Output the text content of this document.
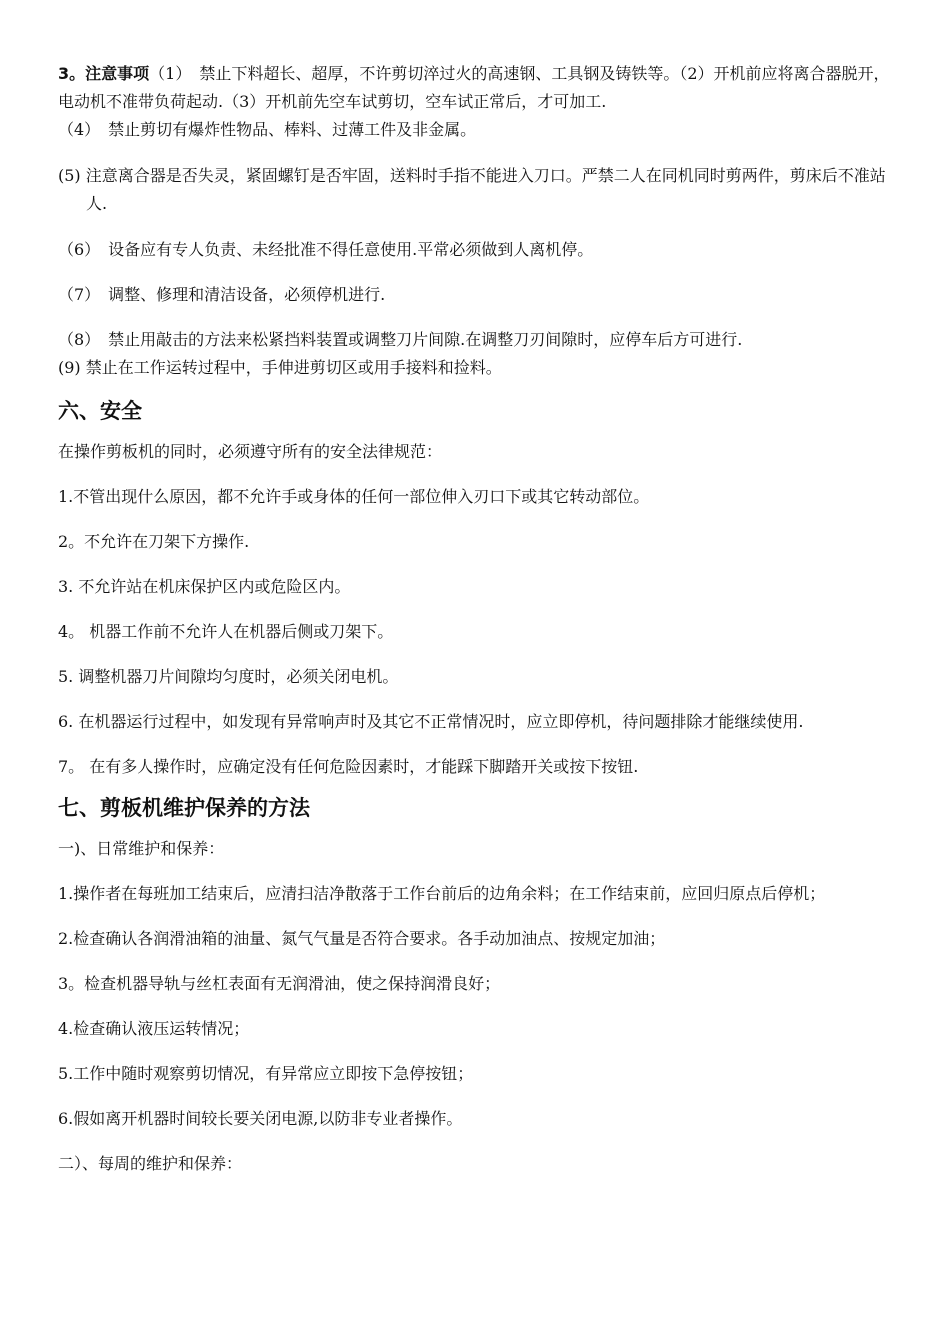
3。注意事项（1）　禁止下料超长、超厚，不许剪切淬过火的高速钢、工具钢及铸铁等。（2）开机前应将离合器脱开，电动机不准带负荷起动.（3）开机前先空车试剪切，空车试正常后，才可加工.

（4）　禁止剪切有爆炸性物品、棒料、过薄工件及非金属。

(5) 注意离合器是否失灵，紧固螺钉是否牢固，送料时手指不能进入刀口。严禁二人在同机同时剪两件，剪床后不准站人.

（6）　设备应有专人负责、未经批准不得任意使用.平常必须做到人离机停。

（7）　调整、修理和清洁设备，必须停机进行.

（8）　禁止用敲击的方法来松紧挡料装置或调整刀片间隙.在调整刀刃间隙时，应停车后方可进行.

(9) 禁止在工作运转过程中，手伸进剪切区或用手接料和捡料。

六、安全

在操作剪板机的同时，必须遵守所有的安全法律规范：

1.不管出现什么原因，都不允许手或身体的任何一部位伸入刃口下或其它转动部位。

2。不允许在刀架下方操作.

3. 不允许站在机床保护区内或危险区内。

4。 机器工作前不允许人在机器后侧或刀架下。

5. 调整机器刀片间隙均匀度时，必须关闭电机。

6. 在机器运行过程中，如发现有异常响声时及其它不正常情况时，应立即停机，待问题排除才能继续使用.

7。 在有多人操作时，应确定没有任何危险因素时，才能踩下脚踏开关或按下按钮.

七、剪板机维护保养的方法

一)、日常维护和保养：

1.操作者在每班加工结束后，应清扫洁净散落于工作台前后的边角余料；在工作结束前，应回归原点后停机；

2.检查确认各润滑油箱的油量、氮气气量是否符合要求。各手动加油点、按规定加油；

3。检查机器导轨与丝杠表面有无润滑油，使之保持润滑良好；

4.检查确认液压运转情况；

5.工作中随时观察剪切情况，有异常应立即按下急停按钮；

6.假如离开机器时间较长要关闭电源,以防非专业者操作。

二）、每周的维护和保养：
